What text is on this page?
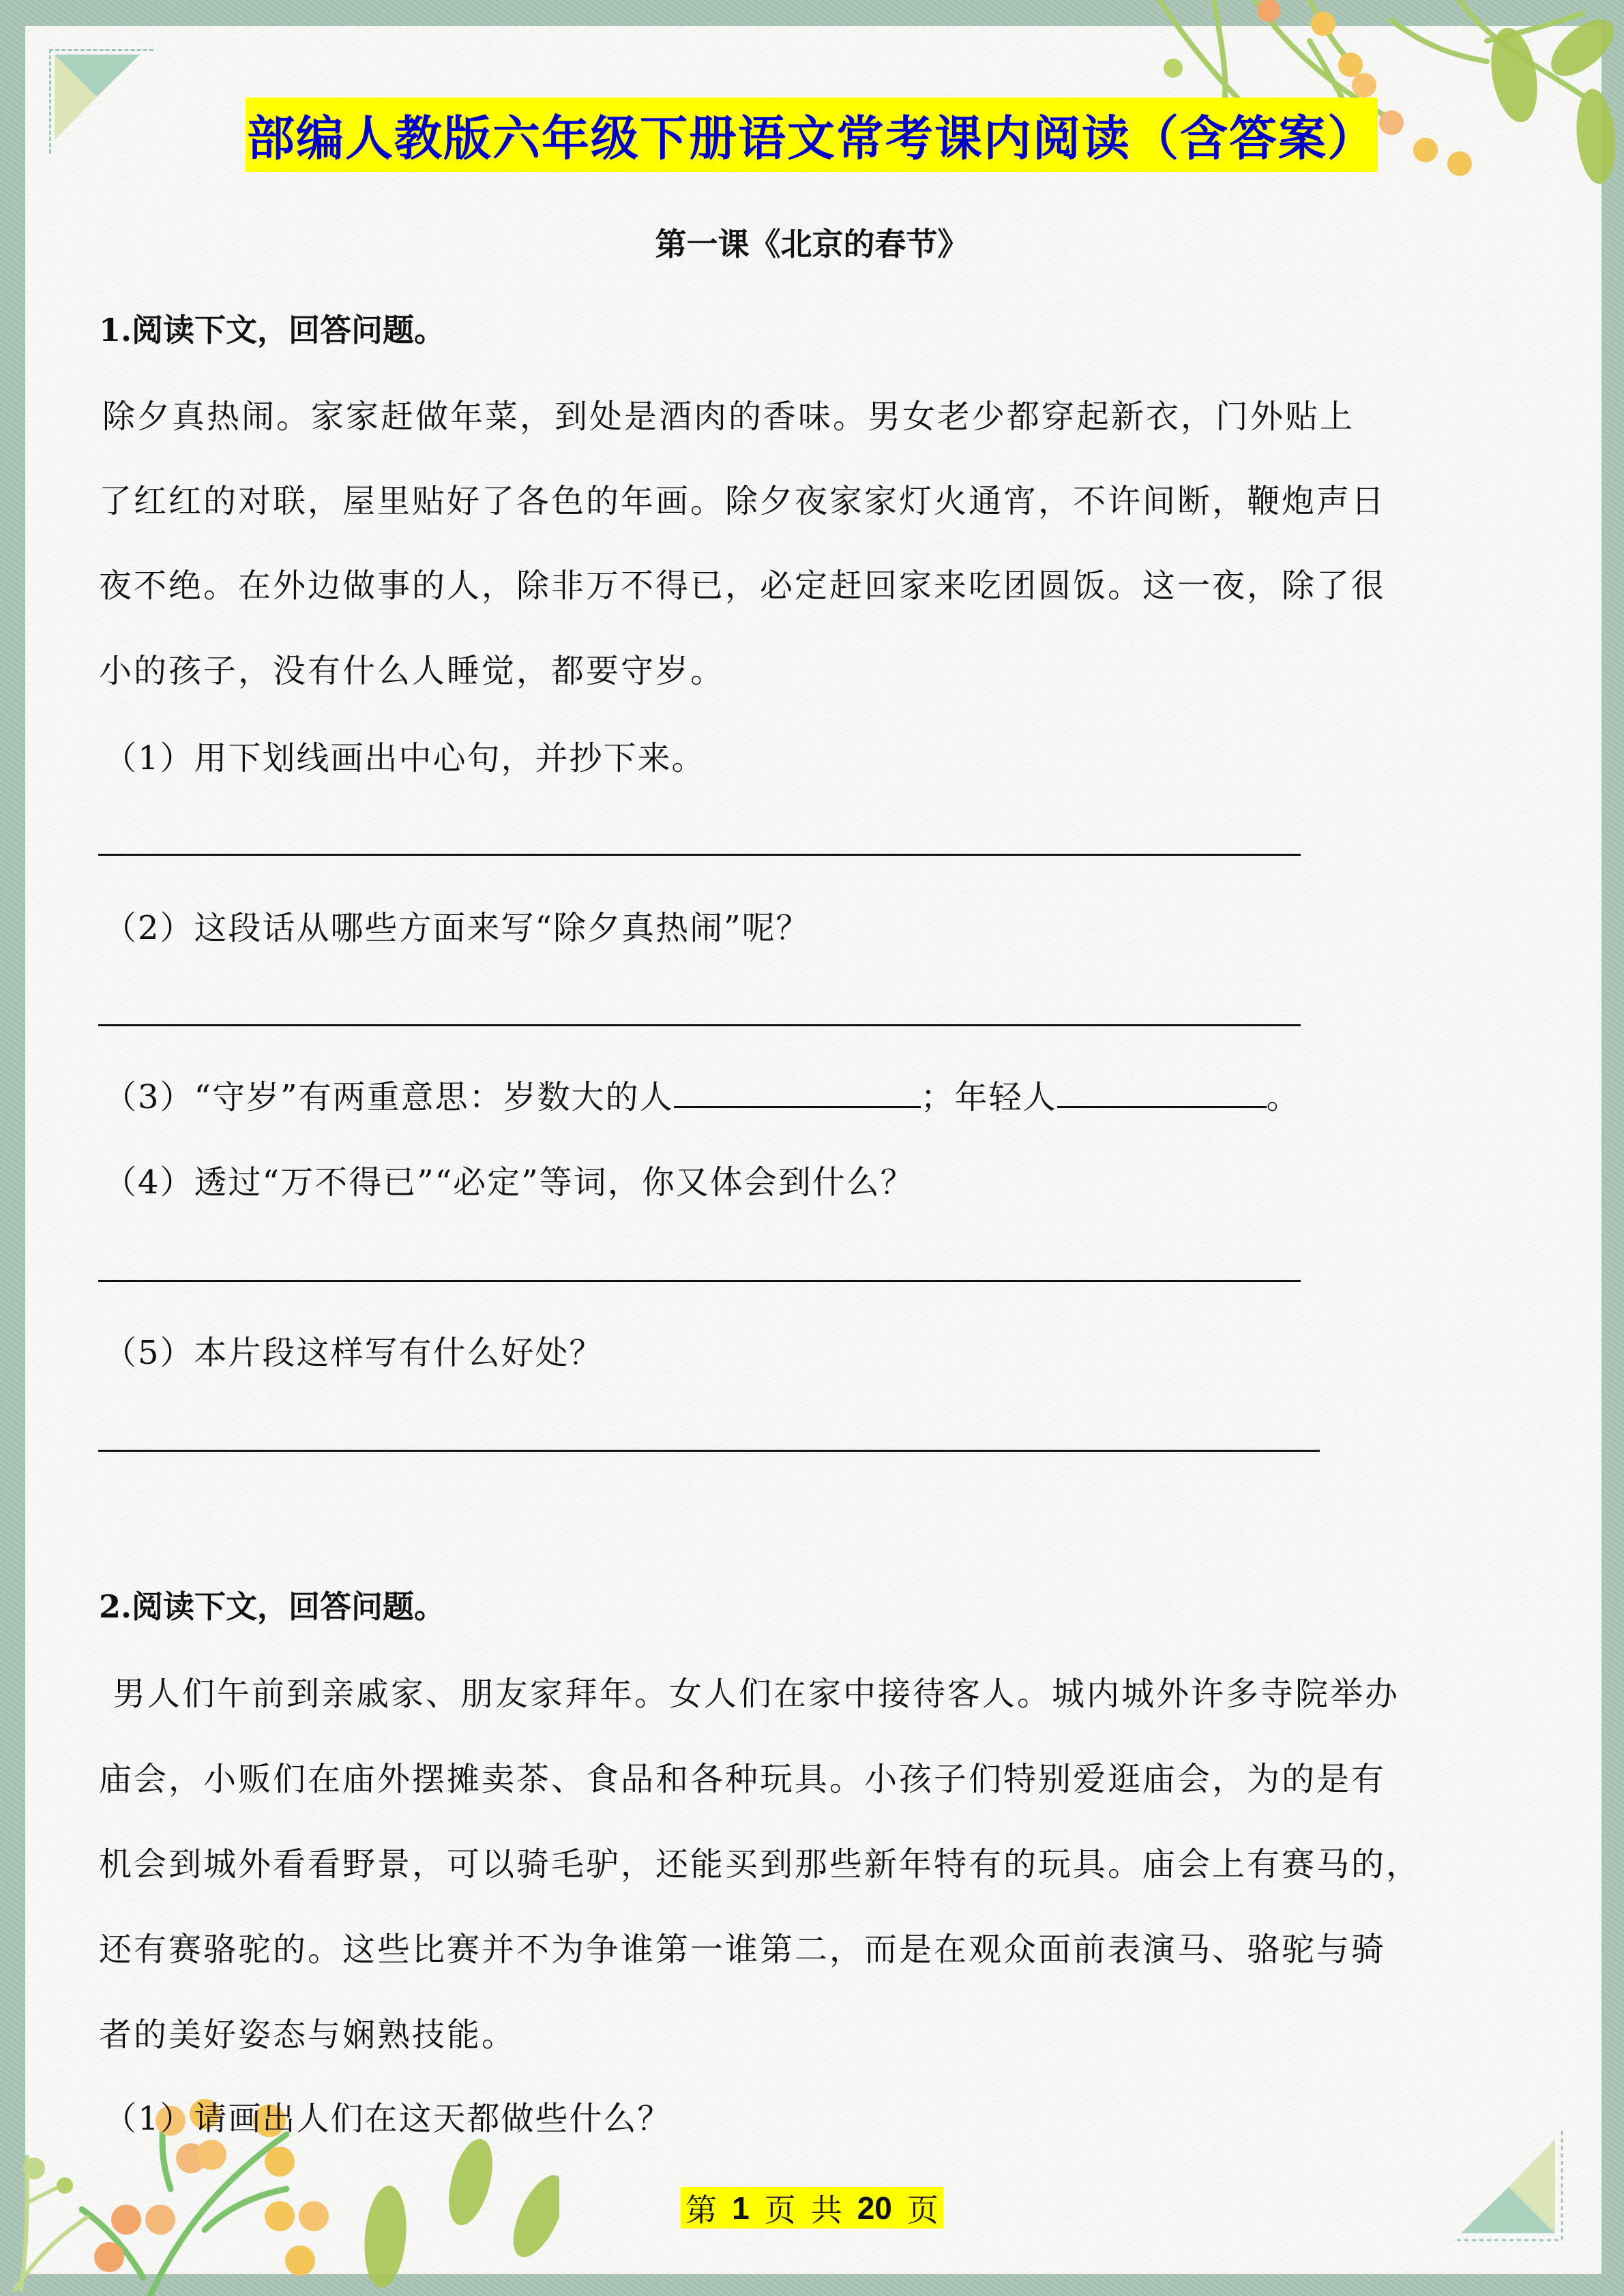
部编人教版六年级下册语文常考课内阅读（含答案）
第一课《北京的春节》
1.阅读下文，回答问题。
除夕真热闹。家家赶做年菜，到处是酒肉的香味。男女老少都穿起新衣，门外贴上
了红红的对联，屋里贴好了各色的年画。除夕夜家家灯火通宵，不许间断，鞭炮声日
夜不绝。在外边做事的人，除非万不得已，必定赶回家来吃团圆饭。这一夜，除了很
小的孩子，没有什么人睡觉，都要守岁。
（1）用下划线画出中心句，并抄下来。
（2）这段话从哪些方面来写“除夕真热闹”呢？
（3）“守岁”有两重意思：岁数大的人	；年轻人	。
（4）透过“万不得已”“必定”等词，你又体会到什么？
（5）本片段这样写有什么好处？
2.阅读下文，回答问题。
男人们午前到亲戚家、朋友家拜年。女人们在家中接待客人。城内城外许多寺院举办
庙会，小贩们在庙外摆摊卖茶、食品和各种玩具。小孩子们特别爱逛庙会，为的是有
机会到城外看看野景，可以骑毛驴，还能买到那些新年特有的玩具。庙会上有赛马的，
还有赛骆驼的。这些比赛并不为争谁第一谁第二，而是在观众面前表演马、骆驼与骑
者的美好姿态与娴熟技能。
（1）请画出人们在这天都做些什么？
第 1 页 共 20 页
